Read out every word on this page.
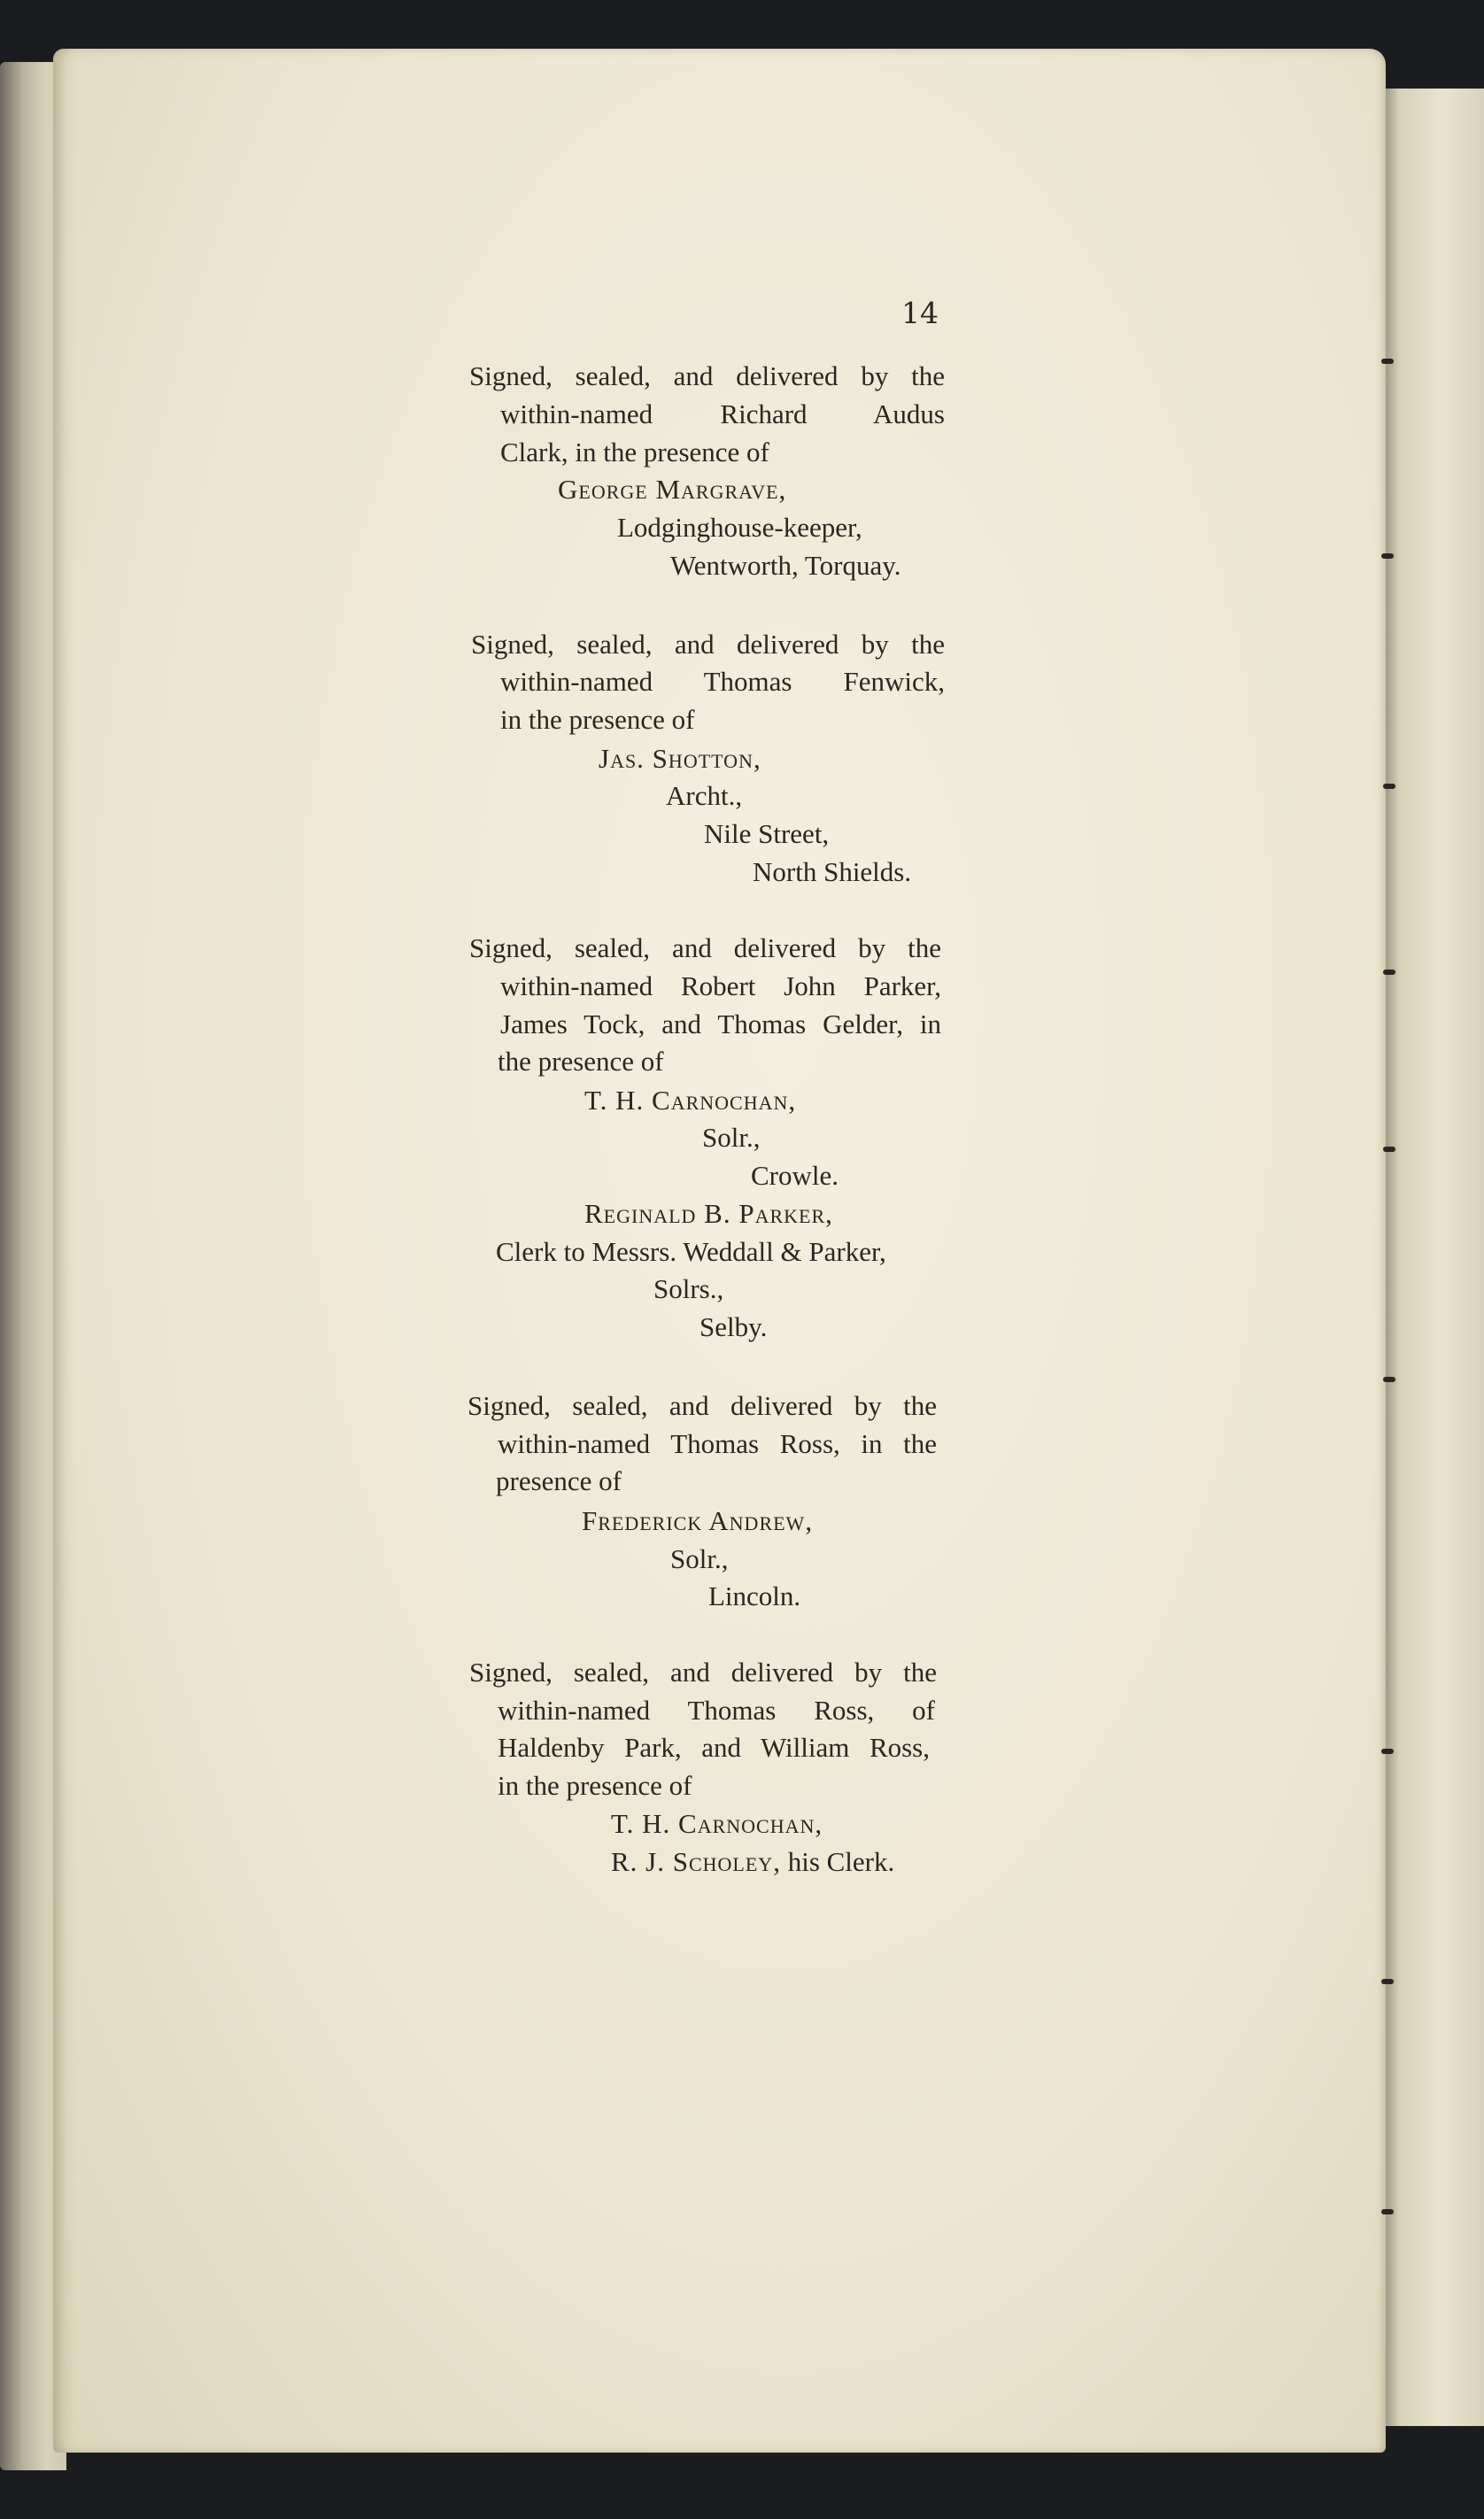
14
Signed, sealed, and delivered by the
within-named Richard Audus
Clark, in the presence of
George Margrave,
Lodginghouse-keeper,
Wentworth, Torquay.
Signed, sealed, and delivered by the
within-named Thomas Fenwick,
in the presence of
Jas. Shotton,
Archt.,
Nile Street,
North Shields.
Signed, sealed, and delivered by the
within-named Robert John Parker,
James Tock, and Thomas Gelder, in
the presence of
T. H. Carnochan,
Solr.,
Crowle.
Reginald B. Parker,
Clerk to Messrs. Weddall & Parker,
Solrs.,
Selby.
Signed, sealed, and delivered by the
within-named Thomas Ross, in the
presence of
Frederick Andrew,
Solr.,
Lincoln.
Signed, sealed, and delivered by the
within-named Thomas Ross, of
Haldenby Park, and William Ross,
in the presence of
T. H. Carnochan,
R. J. Scholey, his Clerk.
